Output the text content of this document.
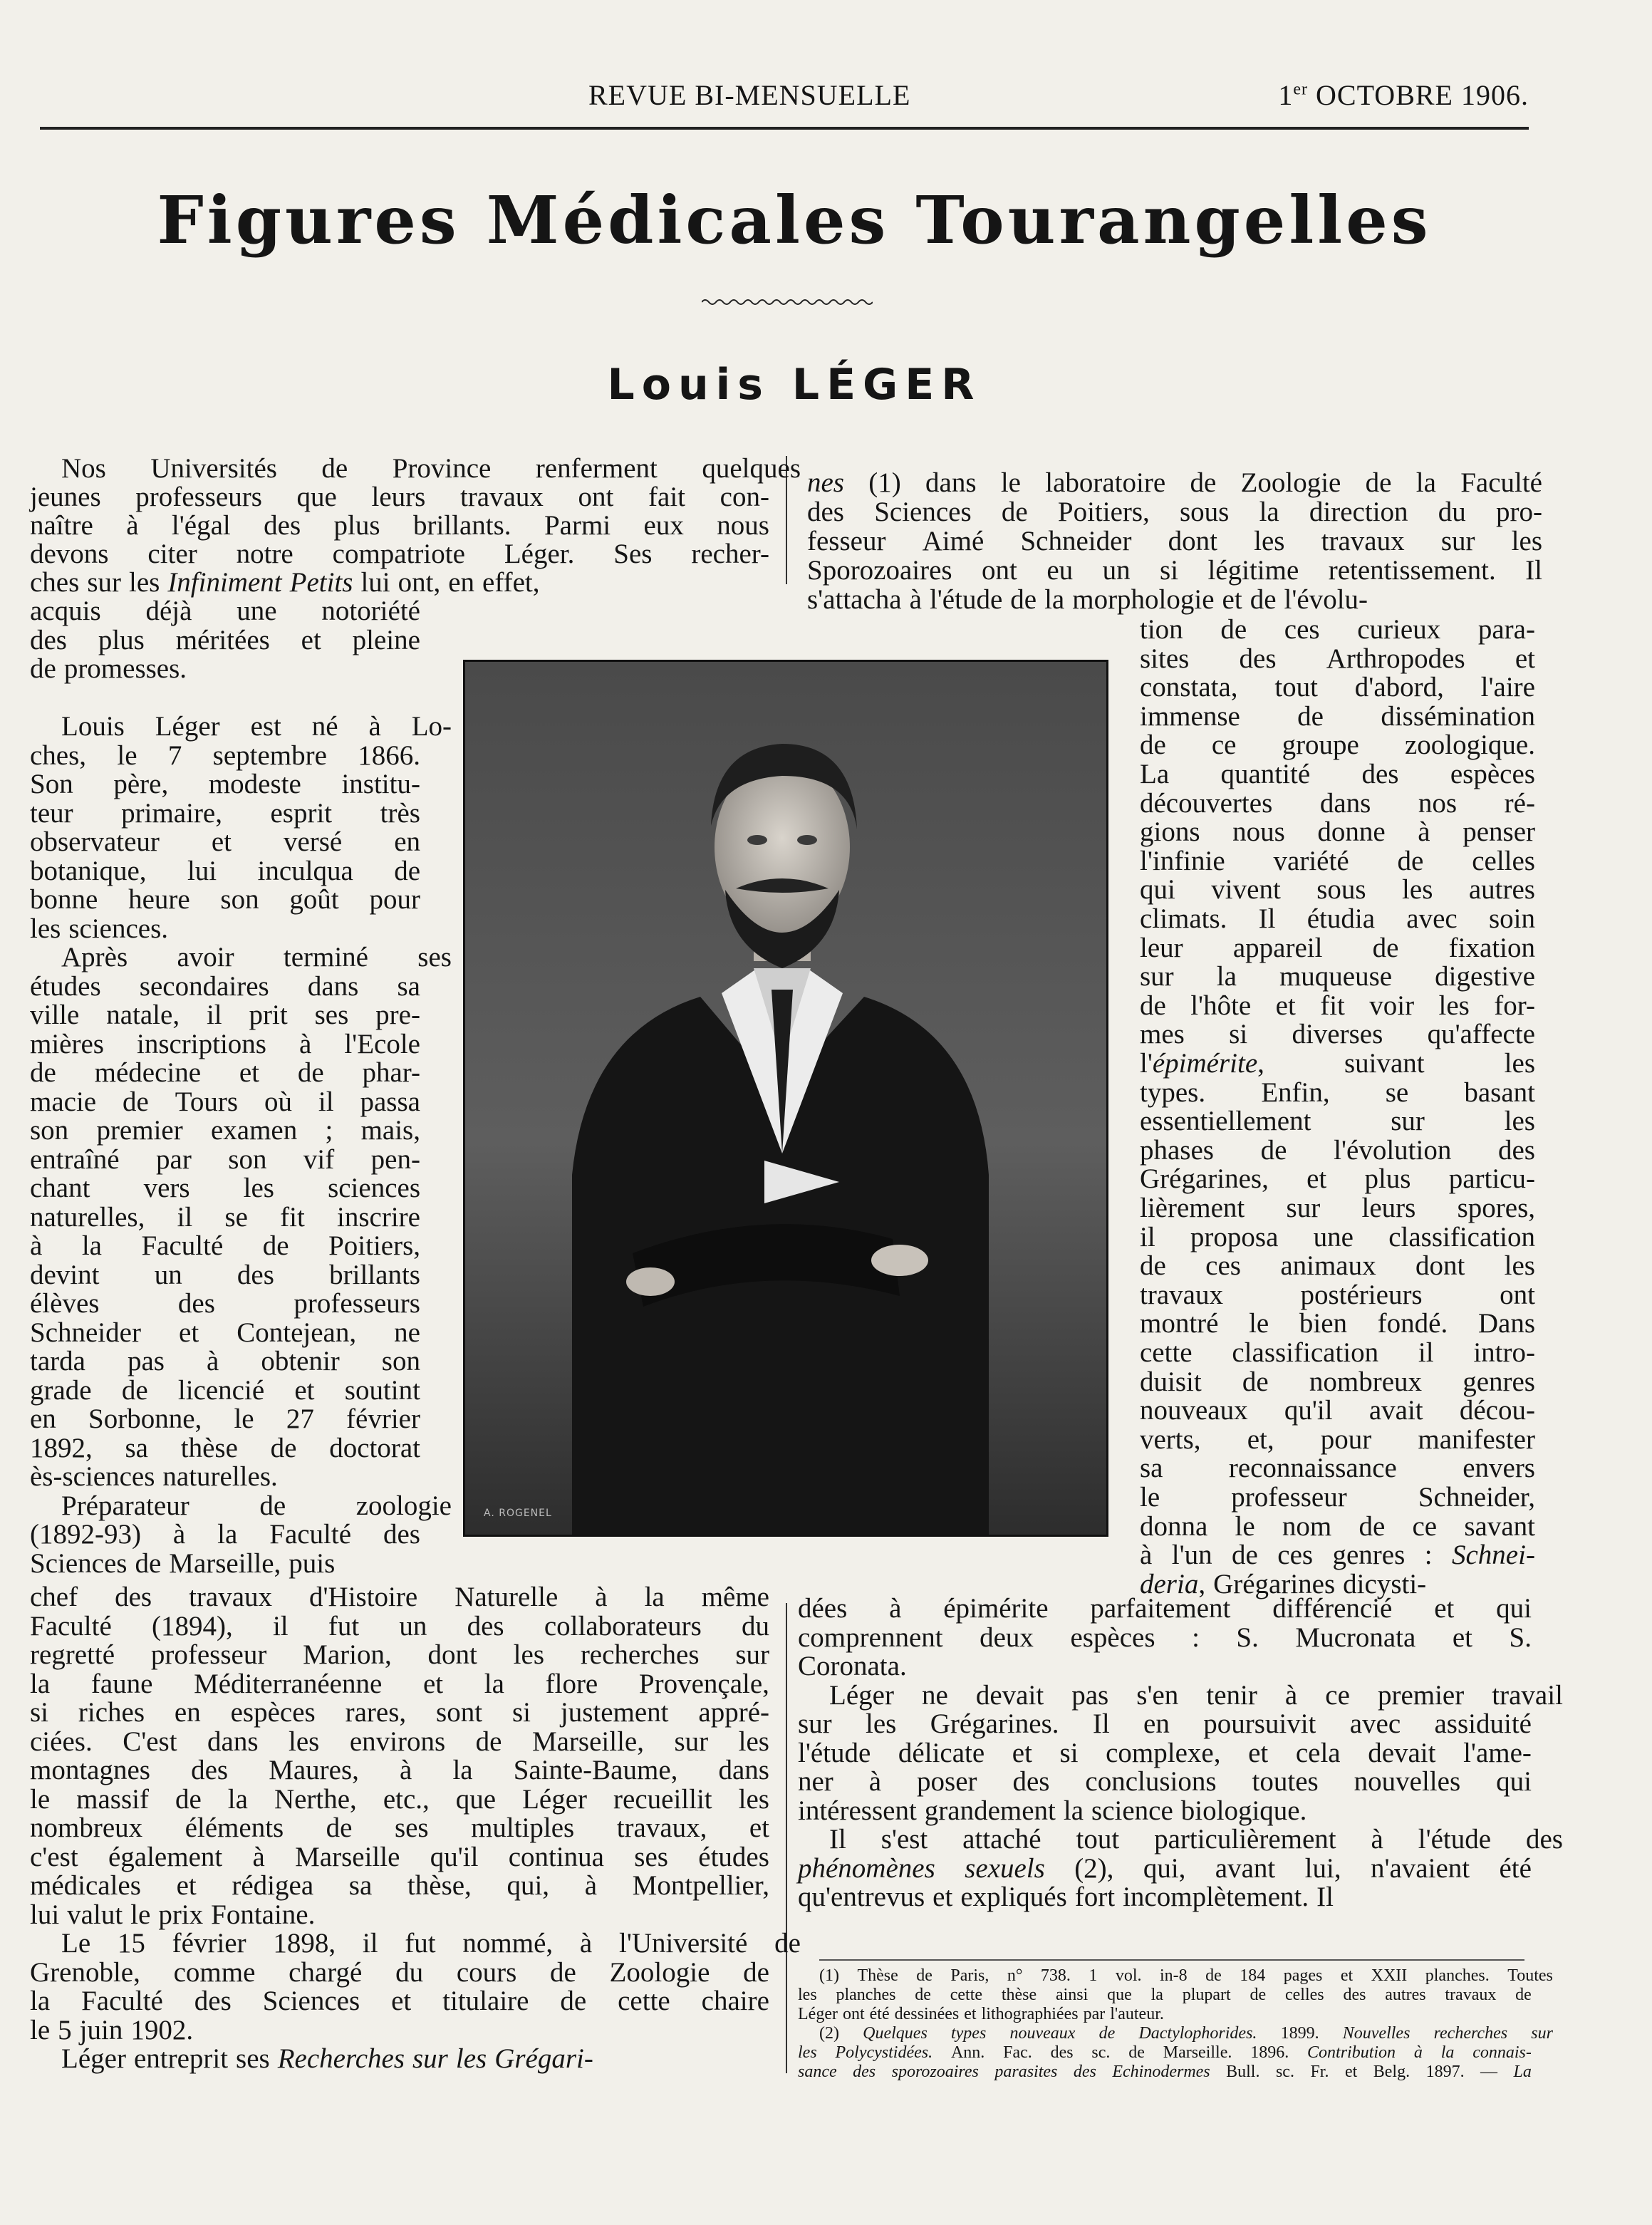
REVUE BI-MENSUELLE	1er OCTOBRE 1906.
Figures Médicales Tourangelles
Louis LÉGER
A. ROGENEL
Nos Universités de Province renferment quelques
jeunes professeurs que leurs travaux ont fait con-
naître à l'égal des plus brillants. Parmi eux nous
devons citer notre compatriote Léger. Ses recher-
ches sur les Infiniment Petits lui ont, en effet,
acquis déjà une notoriété
des plus méritées et pleine
de promesses.
Louis Léger est né à Lo-
ches, le 7 septembre 1866.
Son père, modeste institu-
teur primaire, esprit très
observateur et versé en
botanique, lui inculqua de
bonne heure son goût pour
les sciences.
Après avoir terminé ses
études secondaires dans sa
ville natale, il prit ses pre-
mières inscriptions à l'Ecole
de médecine et de phar-
macie de Tours où il passa
son premier examen ; mais,
entraîné par son vif pen-
chant vers les sciences
naturelles, il se fit inscrire
à la Faculté de Poitiers,
devint un des brillants
élèves	des	professeurs
Schneider et Contejean, ne
tarda pas à obtenir son
grade de licencié et soutint
en Sorbonne, le 27 février
1892, sa thèse de doctorat
ès-sciences naturelles.
Préparateur	de	zoologie
(1892-93) à la Faculté des
Sciences de Marseille, puis
chef des travaux d'Histoire Naturelle à la même
Faculté (1894), il fut un des collaborateurs du
regretté professeur Marion, dont les recherches sur
la faune Méditerranéenne et la flore Provençale,
si riches en espèces rares, sont si justement appré-
ciées. C'est dans les environs de Marseille, sur les
montagnes des Maures, à la Sainte-Baume, dans
le massif de la Nerthe, etc., que Léger recueillit les
nombreux éléments de ses multiples travaux, et
c'est également à Marseille qu'il continua ses études
médicales et rédigea sa thèse, qui, à Montpellier,
lui valut le prix Fontaine.
Le 15 février 1898, il fut nommé, à l'Université de
Grenoble, comme chargé du cours de Zoologie de
la Faculté des Sciences et titulaire de cette chaire
le 5 juin 1902.
Léger entreprit ses Recherches sur les Grégari-
nes (1) dans le laboratoire de Zoologie de la Faculté
des Sciences de Poitiers, sous la direction du pro-
fesseur Aimé Schneider dont les travaux sur les
Sporozoaires ont eu un si légitime retentissement. Il
s'attacha à l'étude de la morphologie et de l'évolu-
tion de ces curieux para-
sites des Arthropodes et
constata, tout d'abord, l'aire
immense de dissémination
de ce groupe zoologique.
La quantité des espèces
découvertes dans nos ré-
gions nous donne à penser
l'infinie variété de celles
qui vivent sous les autres
climats. Il étudia avec soin
leur appareil de fixation
sur la muqueuse digestive
de l'hôte et fit voir les for-
mes si diverses qu'affecte
l'épimérite,	suivant	les
types. Enfin, se basant
essentiellement	sur	les
phases de l'évolution des
Grégarines, et plus particu-
lièrement sur leurs spores,
il proposa une classification
de ces animaux dont les
travaux	postérieurs	ont
montré le bien fondé. Dans
cette classification il intro-
duisit de nombreux genres
nouveaux qu'il avait décou-
verts, et, pour manifester
sa reconnaissance envers
le	professeur	Schneider,
donna le nom de ce savant
à l'un de ces genres : Schnei-
deria, Grégarines dicysti-
dées à épimérite parfaitement différencié et qui
comprennent deux espèces : S. Mucronata et S.
Coronata.
Léger ne devait pas s'en tenir à ce premier travail
sur les Grégarines. Il en poursuivit avec assiduité
l'étude délicate et si complexe, et cela devait l'ame-
ner à poser des conclusions toutes nouvelles qui
intéressent grandement la science biologique.
Il s'est attaché tout particulièrement à l'étude des
phénomènes sexuels (2), qui, avant lui, n'avaient été
qu'entrevus et expliqués fort incomplètement. Il
(1) Thèse de Paris, n° 738. 1 vol. in-8 de 184 pages et XXII planches. Toutes
les planches de cette thèse ainsi que la plupart de celles des autres travaux de
Léger ont été dessinées et lithographiées par l'auteur.
(2) Quelques types nouveaux de Dactylophorides. 1899. Nouvelles recherches sur
les Polycystidées. Ann. Fac. des sc. de Marseille. 1896. Contribution à la connais-
sance des sporozoaires parasites des Echinodermes Bull. sc. Fr. et Belg. 1897. — La
